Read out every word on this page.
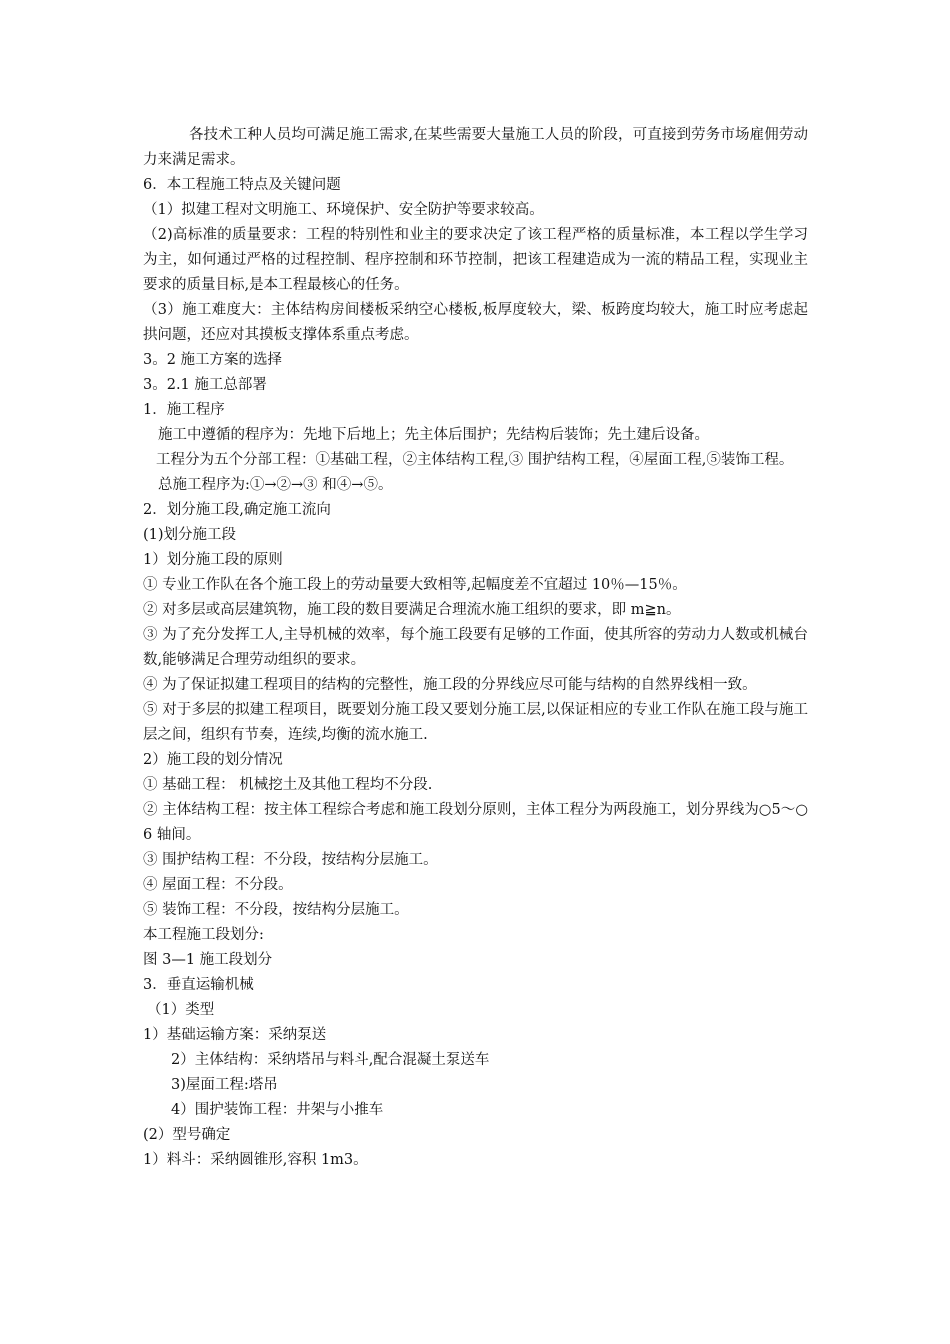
各技术工种人员均可满足施工需求,在某些需要大量施工人员的阶段，可直接到劳务市场雇佣劳动力来满足需求。

6．本工程施工特点及关键问题

（1）拟建工程对文明施工、环境保护、安全防护等要求较高。

（2)高标准的质量要求：工程的特别性和业主的要求决定了该工程严格的质量标准，本工程以学生学习为主，如何通过严格的过程控制、程序控制和环节控制，把该工程建造成为一流的精品工程，实现业主要求的质量目标,是本工程最核心的任务。

（3）施工难度大：主体结构房间楼板采纳空心楼板,板厚度较大，梁、板跨度均较大，施工时应考虑起拱问题，还应对其摸板支撑体系重点考虑。

3。2 施工方案的选择

3。2.1 施工总部署

1．施工程序

施工中遵循的程序为：先地下后地上；先主体后围护；先结构后装饰；先土建后设备。

工程分为五个分部工程：①基础工程，②主体结构工程,③ 围护结构工程，④屋面工程,⑤装饰工程。

总施工程序为:①→②→③ 和④→⑤。

2．划分施工段,确定施工流向

(1)划分施工段

1）划分施工段的原则

① 专业工作队在各个施工段上的劳动量要大致相等,起幅度差不宜超过 10％—15％。

② 对多层或高层建筑物，施工段的数目要满足合理流水施工组织的要求，即 m≧n。

③ 为了充分发挥工人,主导机械的效率，每个施工段要有足够的工作面，使其所容的劳动力人数或机械台数,能够满足合理劳动组织的要求。

④ 为了保证拟建工程项目的结构的完整性，施工段的分界线应尽可能与结构的自然界线相一致。

⑤ 对于多层的拟建工程项目，既要划分施工段又要划分施工层,以保证相应的专业工作队在施工段与施工层之间，组织有节奏，连续,均衡的流水施工.

2）施工段的划分情况

① 基础工程： 机械挖土及其他工程均不分段.

② 主体结构工程：按主体工程综合考虑和施工段划分原则，主体工程分为两段施工，划分界线为○5～○6 轴间。

③ 围护结构工程：不分段，按结构分层施工。

④ 屋面工程：不分段。

⑤ 装饰工程：不分段，按结构分层施工。

本工程施工段划分:

图 3—1 施工段划分

3．垂直运输机械

（1）类型

1）基础运输方案：采纳泵送

2）主体结构：采纳塔吊与料斗,配合混凝土泵送车

3)屋面工程:塔吊

4）围护装饰工程：井架与小推车

(2）型号确定

1）料斗：采纳圆锥形,容积 1m3。
